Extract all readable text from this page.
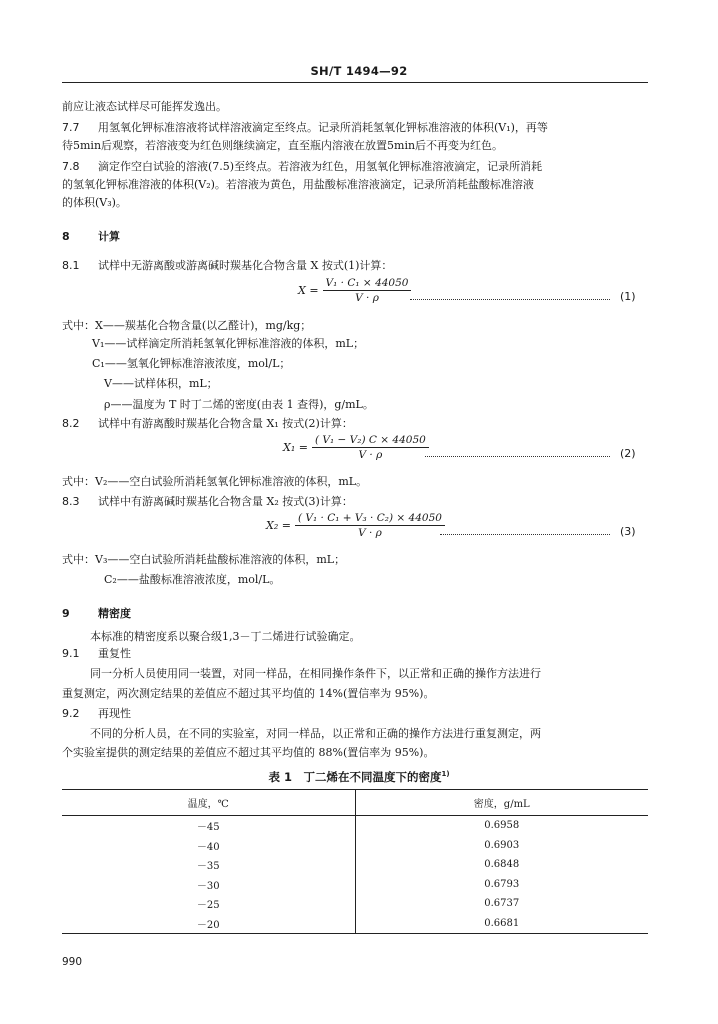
SH/T 1494—92
前应让液态试样尽可能挥发逸出。
7.7 用氢氧化钾标准溶液将试样溶液滴定至终点。记录所消耗氢氧化钾标准溶液的体积(V₁)，再等
待5min后观察，若溶液变为红色则继续滴定，直至瓶内溶液在放置5min后不再变为红色。
7.8 滴定作空白试验的溶液(7.5)至终点。若溶液为红色，用氢氧化钾标准溶液滴定，记录所消耗
的氢氧化钾标准溶液的体积(V₂)。若溶液为黄色，用盐酸标准溶液滴定，记录所消耗盐酸标准溶液
的体积(V₃)。
8	计算
8.1 试样中无游离酸或游离碱时羰基化合物含量 X 按式(1)计算：
$X = \frac{\text{V₁ · C₁ × 44050}}{V \cdot \rho}$	(1)
式中：X——羰基化合物含量(以乙醛计)，mg/kg；
V₁——试样滴定所消耗氢氧化钾标准溶液的体积，mL；
C₁——氢氧化钾标准溶液浓度，mol/L；
V——试样体积，mL；
ρ——温度为 T 时丁二烯的密度(由表 1 查得)，g/mL。
8.2 试样中有游离酸时羰基化合物含量 X₁ 按式(2)计算：
$X_1 = \frac{\text{( V₁ − V₂) C × 44050}}{V \cdot \rho}$	(2)
式中：V₂——空白试验所消耗氢氧化钾标准溶液的体积，mL。
8.3 试样中有游离碱时羰基化合物含量 X₂ 按式(3)计算：
$X_2 = \frac{\text{( V₁ · C₁ + V₃ · C₂) × 44050}}{V \cdot \rho}$	(3)
式中：V₃——空白试验所消耗盐酸标准溶液的体积，mL；
C₂——盐酸标准溶液浓度，mol/L。
9	精密度
本标准的精密度系以聚合级1,3－丁二烯进行试验确定。
9.1 重复性
同一分析人员使用同一装置，对同一样品，在相同操作条件下，以正常和正确的操作方法进行
重复测定，两次测定结果的差值应不超过其平均值的 14%(置信率为 95%)。
9.2 再现性
不同的分析人员，在不同的实验室，对同一样品，以正常和正确的操作方法进行重复测定，两
个实验室提供的测定结果的差值应不超过其平均值的 88%(置信率为 95%)。
表 1　丁二烯在不同温度下的密度$^{1)}$
温度，℃	密度，g/mL
－45	0.6958
－40	0.6903
－35	0.6848
－30	0.6793
－25	0.6737
－20	0.6681
990
